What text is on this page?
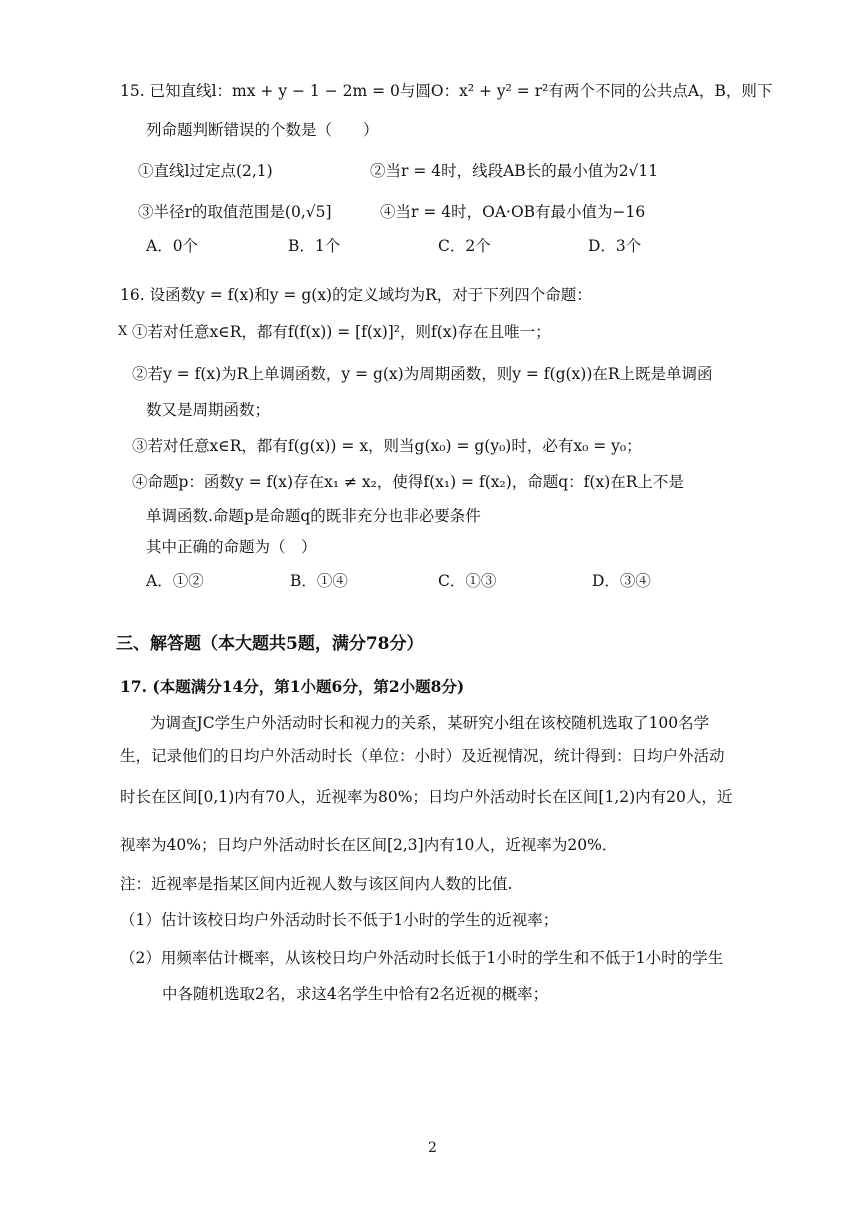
15. 已知直线l：mx + y − 1 − 2m = 0与圆O：x² + y² = r²有两个不同的公共点A，B，则下
列命题判断错误的个数是（　　）
①直线l过定点(2,1)	②当r = 4时，线段AB长的最小值为2√11
③半径r的取值范围是(0,√5]	④当r = 4时，OA·OB有最小值为−16
A．0个	B．1个	C．2个	D．3个
16. 设函数y = f(x)和y = g(x)的定义域均为R，对于下列四个命题：
X ①若对任意x∈R，都有f(f(x)) = [f(x)]²，则f(x)存在且唯一；
②若y = f(x)为R上单调函数，y = g(x)为周期函数，则y = f(g(x))在R上既是单调函
数又是周期函数；
③若对任意x∈R，都有f(g(x)) = x，则当g(x₀) = g(y₀)时，必有x₀ = y₀；
④命题p：函数y = f(x)存在x₁ ≠ x₂，使得f(x₁) = f(x₂)，命题q：f(x)在R上不是
单调函数.命题p是命题q的既非充分也非必要条件
其中正确的命题为（　）
A．①②	B．①④	C．①③	D．③④
三、解答题（本大题共5题，满分78分）
17. (本题满分14分，第1小题6分，第2小题8分)
为调查JC学生户外活动时长和视力的关系，某研究小组在该校随机选取了100名学
生，记录他们的日均户外活动时长（单位：小时）及近视情况，统计得到：日均户外活动
时长在区间[0,1)内有70人，近视率为80%；日均户外活动时长在区间[1,2)内有20人，近
视率为40%；日均户外活动时长在区间[2,3]内有10人，近视率为20%．
注：近视率是指某区间内近视人数与该区间内人数的比值.
（1）估计该校日均户外活动时长不低于1小时的学生的近视率；
（2）用频率估计概率，从该校日均户外活动时长低于1小时的学生和不低于1小时的学生
中各随机选取2名，求这4名学生中恰有2名近视的概率；
2
